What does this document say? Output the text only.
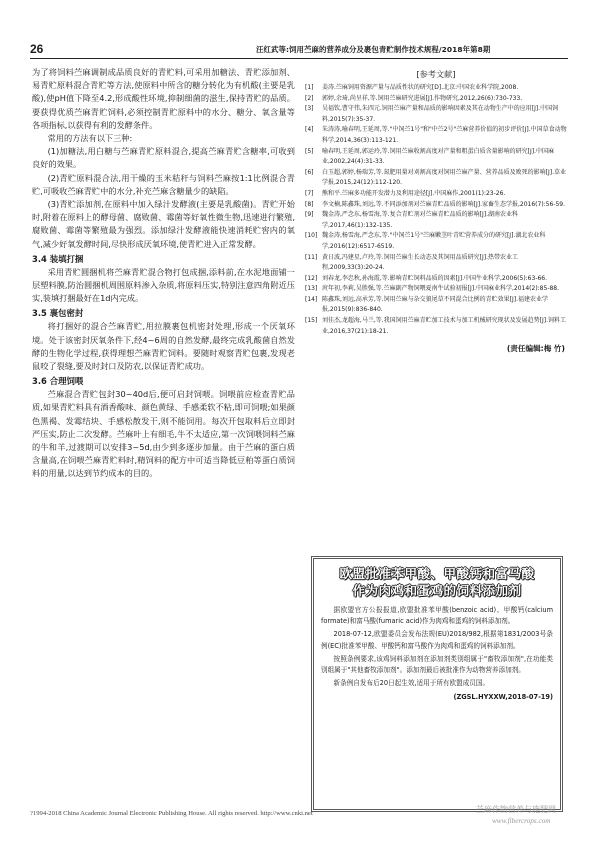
26	汪红武等:饲用苎麻的营养成分及裹包青贮制作技术规程/2018年第8期

为了将饲料苎麻调制成品质良好的青贮料,可采用加糖法、青贮添加剂、易青贮原料混合青贮等方法,使原料中所含的糖分转化为有机酸(主要是乳酸),使pH值下降至4.2,形成酸性环境,抑制细菌的滋生,保持青贮的品质。要获得优质苎麻青贮饲料,必须控制青贮原料中的水分、糖分、氧含量等各项指标,以获得有利的发酵条件。

常用的方法有以下三种:

(1)加糖法,用白糖与苎麻青贮原料混合,提高苎麻青贮含糖率,可收到良好的效果。

(2)青贮原料混合法,用干燥的玉米秸秆与饲料苎麻按1:1比例混合青贮,可吸收苎麻青贮中的水分,补充苎麻含糖量少的缺陷。

(3)青贮添加剂,在原料中加入绿汁发酵液(主要是乳酸菌)。青贮开始时,附着在原料上的酵母菌、腐败菌、霉菌等好氧性微生物,迅速进行繁殖,腐败菌、霉菌等繁殖最为强烈。添加绿汁发酵液能快速消耗贮窖内的氧气,减少好氧发酵时间,尽快形成厌氧环境,使青贮进入正常发酵。

3.4 装填打捆

采用青贮圆捆机将苎麻青贮混合物打包成捆,添料前,在水泥地面铺一层塑料膜,防治圆捆机周围原料渗入杂质,将原料压实,特别注意四角附近压实,装填打捆最好在1d内完成。

3.5 裹包密封

将打捆好的混合苎麻青贮,用拉膜裹包机密封处理,形成一个厌氧环境。处于该密封厌氧条件下,经4~6周的自然发酵,最终完成乳酸菌自然发酵的生物化学过程,获得理想苎麻青贮饲料。要随时观察青贮包裹,发现老鼠咬了裂缝,要及时封口及防农,以保证青贮成功。

3.6 合理饲喂

苎麻混合青贮包封30~40d后,便可启封饲喂。饲喂前应检查青贮品质,如果青贮料具有酒香酸味、颜色黄绿、手感柔软不粘,即可饲喂;如果颜色黑褐、发霉结块、手感松散发干,则不能饲用。每次开包取料后立即封严压实,防止二次发酵。苎麻叶上有细毛,牛不太适应,第一次饲喂饲料苎麻的牛和羊,过渡期可以安排3~5d,由少到多逐步加量。由于苎麻的蛋白质含量高,在饲喂苎麻青贮料时,精饲料的配方中可适当降低豆粕等蛋白质饲料的用量,以达到节约成本的目的。

[参考文献]
[1]	姜涛.苎麻饲用资源产量与品质性状的研究[D].北京:中国农业科学院,2008.
[2]	郭婷,余琦,尚呈祥,等.饲用苎麻研究进展[J].作物研究,2012,26(6):730-733.
[3]	吴福钦,曹守伟,朱四元.饲用苎麻产量和品质的影响因素及其在动物生产中的应用[J].中国饲料,2015(7):35-37.
[4]	朱涛涛,喻春明,王延周,等."中饲苎1号"和"中苎2号"苎麻营养价值的初步评价[J].中国草食动物科学,2014,36(3):113-121.
[5]	喻春明,王延周,郭运玲,等.饲用苎麻收割高度对产量和粗蛋白质含量影响的研究[J].中国麻业,2002,24(4):31-33.
[6]	白玉超,郭婷,杨瑞芳,等.氮肥用量对刈割高度对饲用苎麻产量、营养品质及败死的影响[J].草业学报,2015,24(12):112-120.
[7]	熊和平.苎麻多功能开发潜力及利用途径[J].中国麻作,2001(1):23-26.
[8]	李文楠,陈鑫珠,刘远,等.不同添加剂对苎麻青贮品质的影响[J].家畜生态学报,2016(7):56-59.
[9]	魏金涛,严念东,杨雪海,等.复合青贮剂对苎麻青贮品质的影响[J].湖南农业科学,2017,46(1):132-135.
[10] 魏金涛,杨雪海,严念东,等."中饲苎1号"苎麻嫩茎叶青贮营养成分的研究[J].湖北农业科学,2016(12):6517-6519.
[11] 黄日波,冯建星,卢玲,等.饲用苎麻生长动态及其饲用品质研究[J].热带农业工程,2009,33(3):20-24.
[12] 刘春龙,李忠秋,孙海霞,等.影响青贮饲料品质的因素[J].中国牛业科学,2006(5):63-66.
[13] 庹年初,李莉,吴胜强,等.苎麻副产物饲喂夏南牛试验初报[J].中国麻业科学,2014(2):85-88.
[14] 陈鑫珠,刘远,高承芳,等.饲用苎麻与杂交狼尾草不同混合比例的青贮效果[J].福建农业学报,2015(9):836-840.
[15] 刘佳杰,龙超海,马兰,等.我国饲用苎麻青贮加工技术与加工机械研究现状及发展趋势[J].饲料工业,2016,37(21):18-21.
(责任编辑:梅 竹)
欧盟批准苯甲酸、甲酸钙和富马酸
作为肉鸡和蛋鸡的饲料添加剂

据欧盟官方公报报道,欧盟批准苯甲酸(benzoic acid)、甲酸钙(calcium formate)和富马酸(fumaric acid)作为肉鸡和蛋鸡的饲料添加剂。

2018-07-12,欧盟委员会发布法规(EU)2018/982,根据第1831/2003号条例(EC)批准苯甲酸、甲酸钙和富马酸作为肉鸡和蛋鸡的饲料添加剂。

按照条例要求,该鸡饲料添加剂在添加剂类别组属于"畜牧添加剂",在功能类别组属于"其他畜牧添加剂"。添加剂最后被批准作为动物营养添加剂。

新条例自发布后20日起生效,适用于所有欧盟成员国。

(ZGSL.HYXXW,2018-07-19)
?1994-2018 China Academic Journal Electronic Publishing House. All rights reserved. http://www.cnki.net	苎麻作物营养与施肥网
www.fibercrops.com
